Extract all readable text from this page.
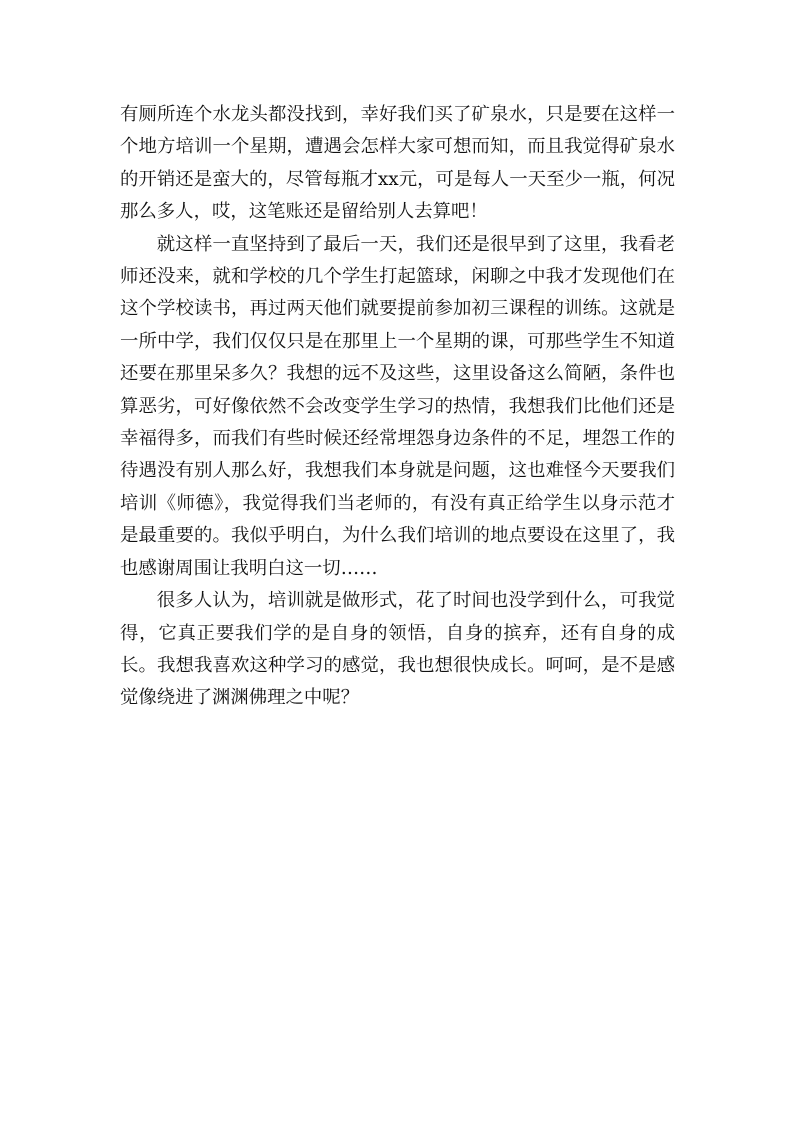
有厕所连个水龙头都没找到，幸好我们买了矿泉水，只是要在这样一个地方培训一个星期，遭遇会怎样大家可想而知，而且我觉得矿泉水的开销还是蛮大的，尽管每瓶才xx元，可是每人一天至少一瓶，何况那么多人，哎，这笔账还是留给别人去算吧！

就这样一直坚持到了最后一天，我们还是很早到了这里，我看老师还没来，就和学校的几个学生打起篮球，闲聊之中我才发现他们在这个学校读书，再过两天他们就要提前参加初三课程的训练。这就是一所中学，我们仅仅只是在那里上一个星期的课，可那些学生不知道还要在那里呆多久？我想的远不及这些，这里设备这么简陋，条件也算恶劣，可好像依然不会改变学生学习的热情，我想我们比他们还是幸福得多，而我们有些时候还经常埋怨身边条件的不足，埋怨工作的待遇没有别人那么好，我想我们本身就是问题，这也难怪今天要我们培训《师德》，我觉得我们当老师的，有没有真正给学生以身示范才是最重要的。我似乎明白，为什么我们培训的地点要设在这里了，我也感谢周围让我明白这一切……

很多人认为，培训就是做形式，花了时间也没学到什么，可我觉得，它真正要我们学的是自身的领悟，自身的摈弃，还有自身的成长。我想我喜欢这种学习的感觉，我也想很快成长。呵呵，是不是感觉像绕进了渊渊佛理之中呢？
